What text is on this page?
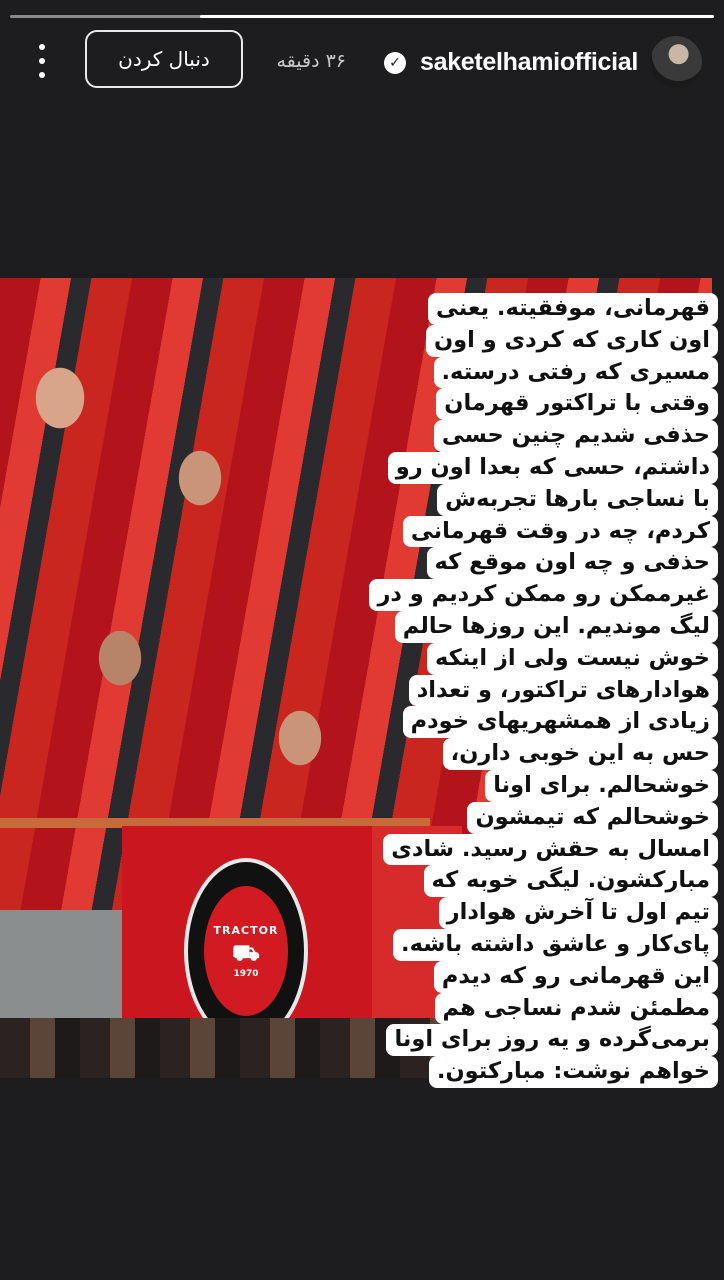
saketelhamiofficial
✓
۳۶ دقیقه
دنبال کردن
TRACTOR
⛟
1970
قهرمانی، موفقیته. یعنی
اون کاری که کردی و اون
مسیری که رفتی درسته.
وقتی با تراکتور قهرمان
حذفی شدیم چنین حسی
داشتم، حسی که بعدا اون رو
با نساجی بارها تجربه‌ش
کردم، چه در وقت قهرمانی
حذفی و چه اون موقع که
غیرممکن رو ممکن کردیم و در
لیگ موندیم. این روزها حالم
خوش نیست ولی از اینکه
هوادارهای تراکتور، و تعداد
زیادی از همشهریهای خودم
حس به این خوبی دارن،
خوشحالم. برای اونا
خوشحالم که تیمشون
امسال به حقش رسید. شادی
مبارکشون. لیگی خوبه که
تیم اول تا آخرش هوادار
پای‌کار و عاشق داشته باشه.
این قهرمانی رو که دیدم
مطمئن شدم نساجی هم
برمی‌گرده و یه روز برای اونا
خواهم نوشت: مبارکتون.
